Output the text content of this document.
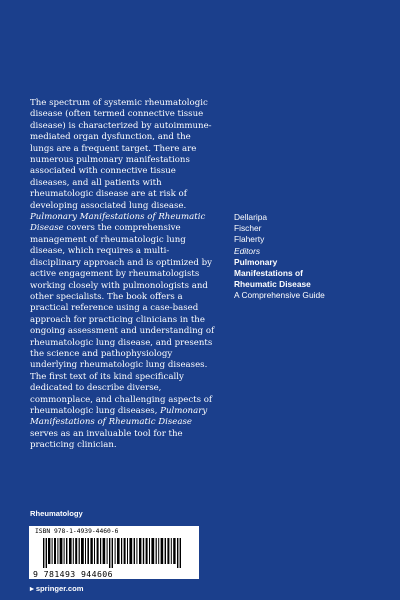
The spectrum of systemic rheumatologic disease (often termed connective tissue disease) is characterized by autoimmune-mediated organ dysfunction, and the lungs are a frequent target. There are numerous pulmonary manifestations associated with connective tissue diseases, and all patients with rheumatologic disease are at risk of developing associated lung disease. Pulmonary Manifestations of Rheumatic Disease covers the comprehensive management of rheumatologic lung disease, which requires a multi-disciplinary approach and is optimized by active engagement by rheumatologists working closely with pulmonologists and other specialists. The book offers a practical reference using a case-based approach for practicing clinicians in the ongoing assessment and understanding of rheumatologic lung disease, and presents the science and pathophysiology underlying rheumatologic lung diseases. The first text of its kind specifically dedicated to describe diverse, commonplace, and challenging aspects of rheumatologic lung diseases, Pulmonary Manifestations of Rheumatic Disease serves as an invaluable tool for the practicing clinician.

Dellaripa
Fischer
Flaherty
Editors
Pulmonary
Manifestations of
Rheumatic Disease
A Comprehensive Guide
Rheumatology
ISBN 978-1-4939-4460-6
9 781493 944606
▸ springer.com
